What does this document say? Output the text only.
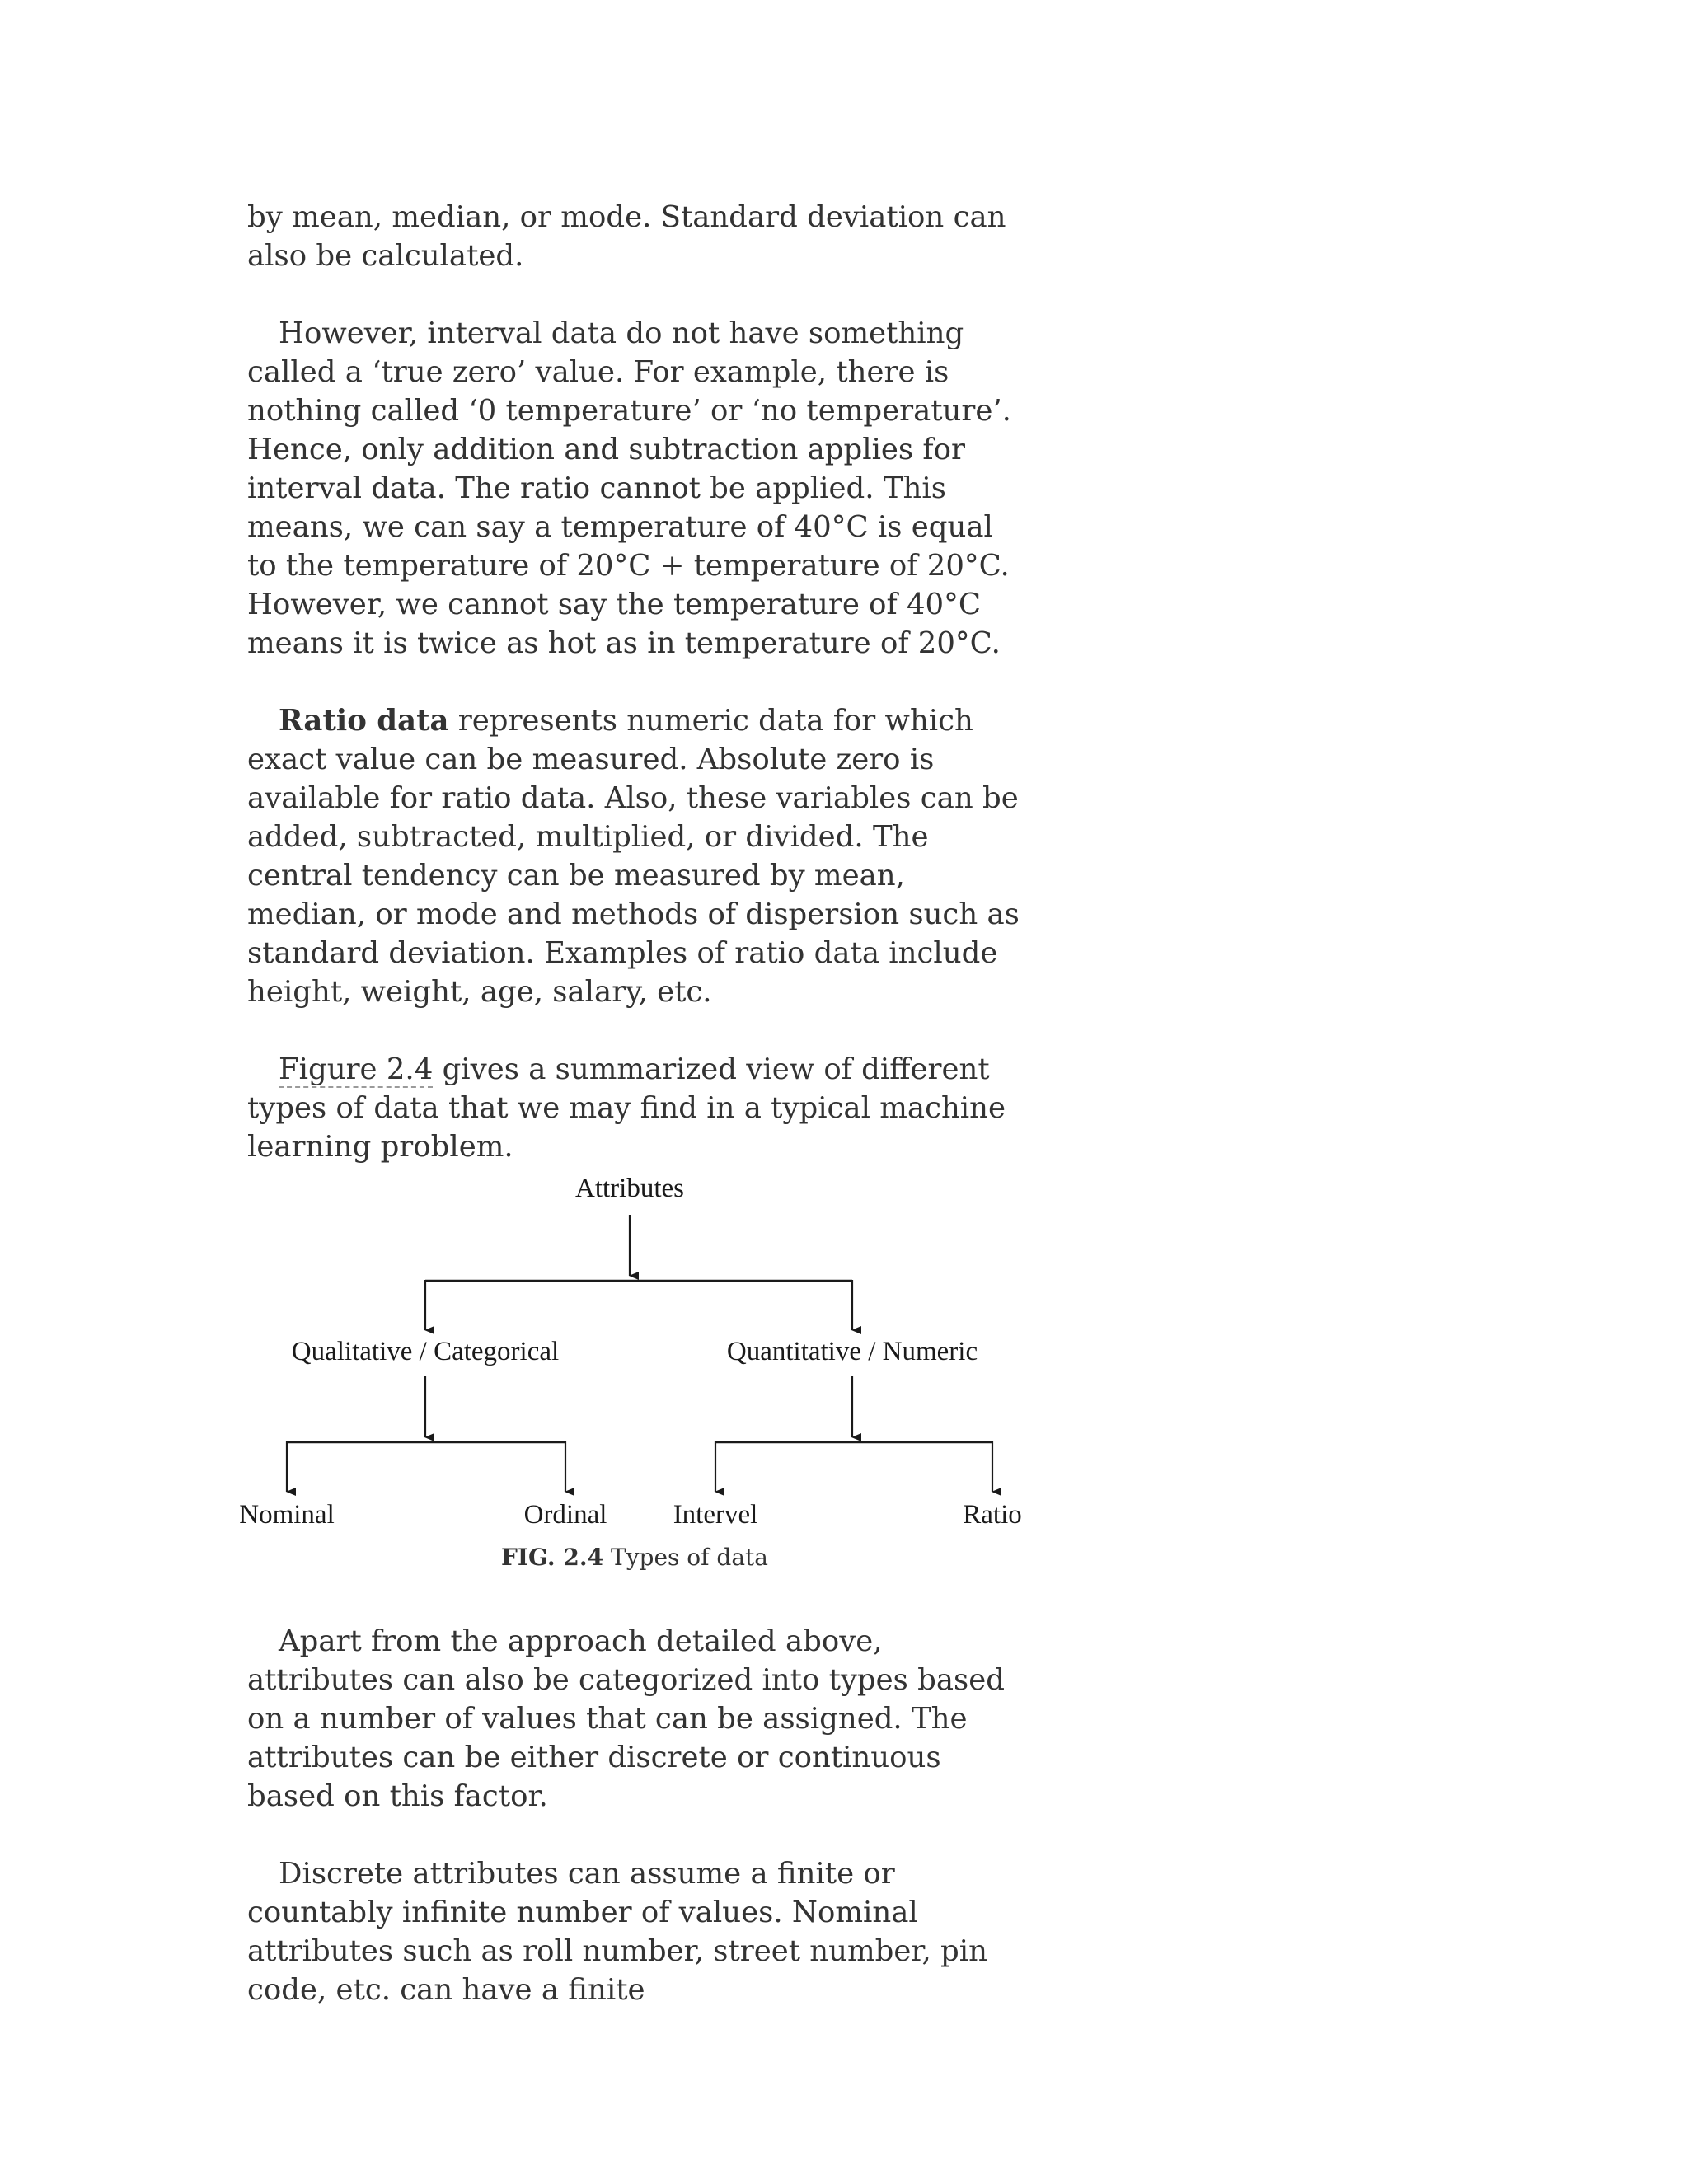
by mean, median, or mode. Standard deviation can also be calculated.

However, interval data do not have something called a ‘true zero’ value. For example, there is nothing called ‘0 temperature’ or ‘no temperature’. Hence, only addition and subtraction applies for interval data. The ratio cannot be applied. This means, we can say a temperature of 40°C is equal to the temperature of 20°C + temperature of 20°C. However, we cannot say the temperature of 40°C means it is twice as hot as in temperature of 20°C.

Ratio data represents numeric data for which exact value can be measured. Absolute zero is available for ratio data. Also, these variables can be added, subtracted, multiplied, or divided. The central tendency can be measured by mean, median, or mode and methods of dispersion such as standard deviation. Examples of ratio data include height, weight, age, salary, etc.

Figure 2.4 gives a summarized view of different types of data that we may find in a typical machine learning problem.

Attributes
Qualitative / Categorical	Quantitative / Numeric
Nominal	Ordinal Intervel	Ratio
FIG. 2.4 Types of data

Apart from the approach detailed above, attributes can also be categorized into types based on a number of values that can be assigned. The attributes can be either discrete or continuous based on this factor.

Discrete attributes can assume a finite or countably infinite number of values. Nominal attributes such as roll number, street number, pin code, etc. can have a finite
